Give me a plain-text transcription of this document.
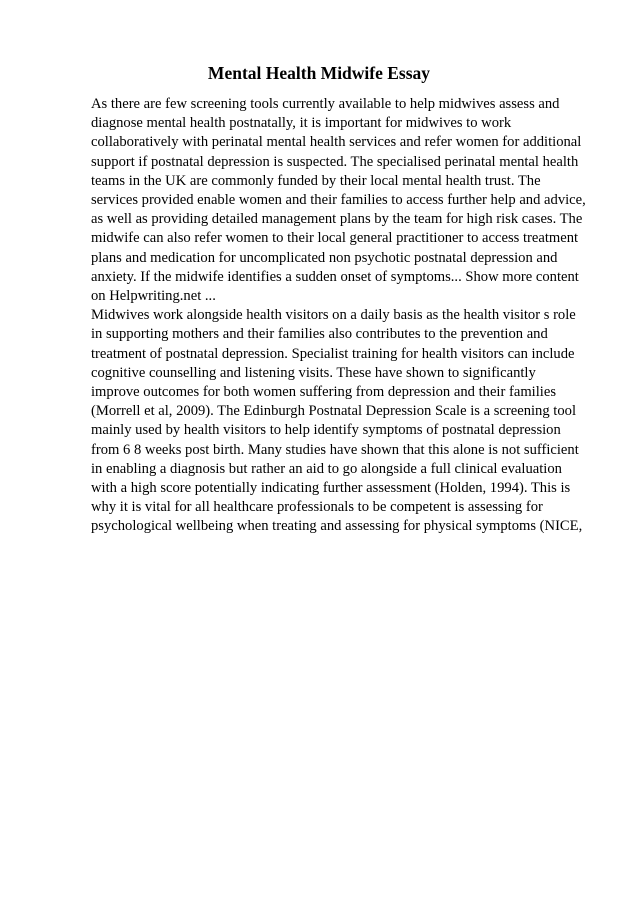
Mental Health Midwife Essay
As there are few screening tools currently available to help midwives assess and
diagnose mental health postnatally, it is important for midwives to work
collaboratively with perinatal mental health services and refer women for additional
support if postnatal depression is suspected. The specialised perinatal mental health
teams in the UK are commonly funded by their local mental health trust. The
services provided enable women and their families to access further help and advice,
as well as providing detailed management plans by the team for high risk cases. The
midwife can also refer women to their local general practitioner to access treatment
plans and medication for uncomplicated non psychotic postnatal depression and
anxiety. If the midwife identifies a sudden onset of symptoms... Show more content
on Helpwriting.net ...
Midwives work alongside health visitors on a daily basis as the health visitor s role
in supporting mothers and their families also contributes to the prevention and
treatment of postnatal depression. Specialist training for health visitors can include
cognitive counselling and listening visits. These have shown to significantly
improve outcomes for both women suffering from depression and their families
(Morrell et al, 2009). The Edinburgh Postnatal Depression Scale is a screening tool
mainly used by health visitors to help identify symptoms of postnatal depression
from 6 8 weeks post birth. Many studies have shown that this alone is not sufficient
in enabling a diagnosis but rather an aid to go alongside a full clinical evaluation
with a high score potentially indicating further assessment (Holden, 1994). This is
why it is vital for all healthcare professionals to be competent is assessing for
psychological wellbeing when treating and assessing for physical symptoms (NICE,
